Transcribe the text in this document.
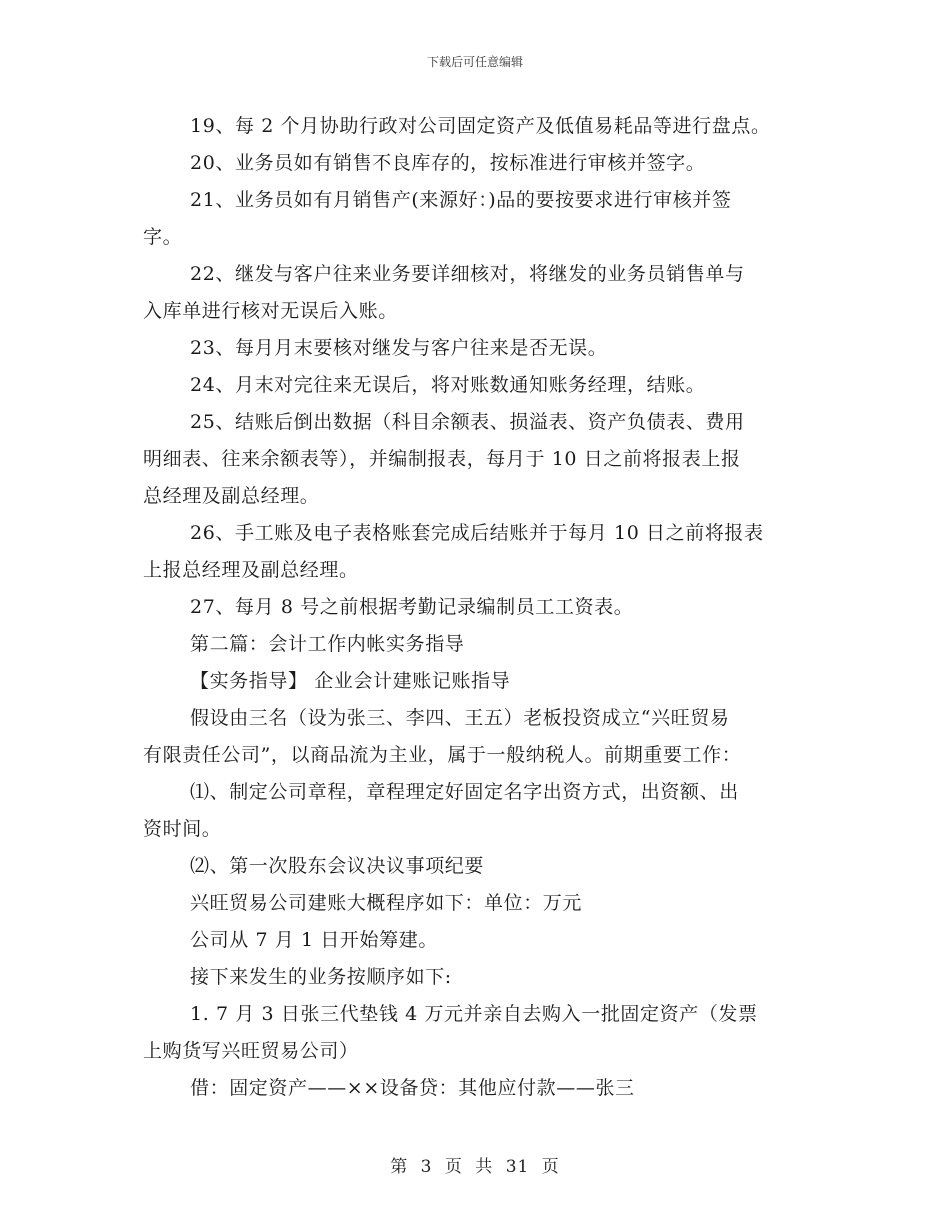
下载后可任意编辑

19、每 2 个月协助行政对公司固定资产及低值易耗品等进行盘点。

20、业务员如有销售不良库存的，按标准进行审核并签字。

21、业务员如有月销售产(来源好：)品的要按要求进行审核并签
字。

22、继发与客户往来业务要详细核对，将继发的业务员销售单与
入库单进行核对无误后入账。

23、每月月末要核对继发与客户往来是否无误。

24、月末对完往来无误后，将对账数通知账务经理，结账。

25、结账后倒出数据（科目余额表、损溢表、资产负债表、费用
明细表、往来余额表等），并编制报表，每月于 10 日之前将报表上报
总经理及副总经理。

26、手工账及电子表格账套完成后结账并于每月 10 日之前将报表
上报总经理及副总经理。

27、每月 8 号之前根据考勤记录编制员工工资表。

第二篇：会计工作内帐实务指导

【实务指导】 企业会计建账记账指导

假设由三名（设为张三、李四、王五）老板投资成立“兴旺贸易
有限责任公司”，以商品流为主业，属于一般纳税人。前期重要工作：

⑴、制定公司章程，章程理定好固定名字出资方式，出资额、出
资时间。

⑵、第一次股东会议决议事项纪要

兴旺贸易公司建账大概程序如下：单位：万元

公司从 7 月 1 日开始筹建。

接下来发生的业务按顺序如下:

1. 7 月 3 日张三代垫钱 4 万元并亲自去购入一批固定资产（发票
上购货写兴旺贸易公司）

借：固定资产——××设备贷：其他应付款——张三

第 3 页 共 31 页
